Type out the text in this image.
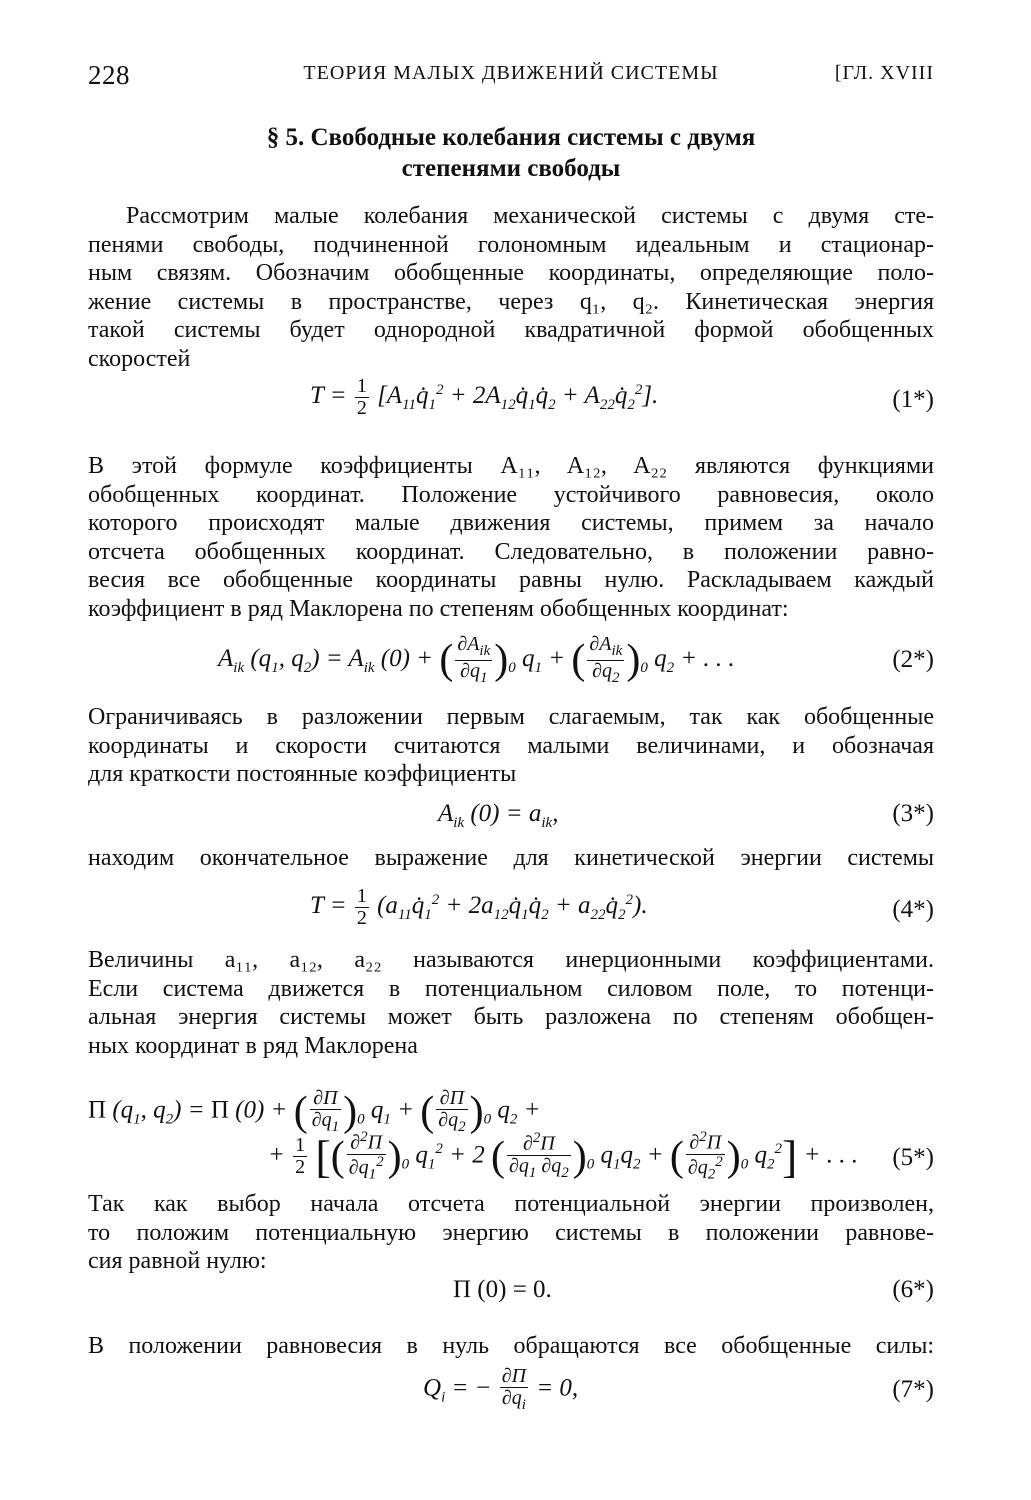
228	ТЕОРИЯ МАЛЫХ ДВИЖЕНИЙ СИСТЕМЫ	[ГЛ. XVIII
§ 5. Свободные колебания системы с двумя
степенями свободы
Рассмотрим малые колебания механической системы с двумя сте-
пенями свободы, подчиненной голономным идеальным и стационар-
ным связям. Обозначим обобщенные координаты, определяющие поло-
жение системы в пространстве, через q₁, q₂. Кинетическая энергия
такой системы будет однородной квадратичной формой обобщенных
скоростей
$T = \frac{1}{2}$ [$A_{11}q̇_1^2$ + $2A_{12}q̇_1q̇_2$ + $A_{22}q̇_2^2$].	(1*)
В этой формуле коэффициенты A₁₁, A₁₂, A₂₂ являются функциями
обобщенных координат. Положение устойчивого равновесия, около
которого происходят малые движения системы, примем за начало
отсчета обобщенных координат. Следовательно, в положении равно-
весия все обобщенные координаты равны нулю. Раскладываем каждый
коэффициент в ряд Маклорена по степеням обобщенных координат:
$A_{ik}$ ($q_1$, $q_2) = A_{ik}$ (0) + ( $\frac{\partial A_{ik}}{\partial q_1} )_0$ $q_1$ + ( $\frac{\partial A_{ik}}{\partial q_2} )_0$ $q_2$ + . . .	(2*)
Ограничиваясь в разложении первым слагаемым, так как обобщенные
координаты и скорости считаются малыми величинами, и обозначая
для краткости постоянные коэффициенты
$A_{ik}$ $(0) = a_{ik}$,	(3*)
находим окончательное выражение для кинетической энергии системы
$T = \frac{1}{2}$ ($a_{11}q̇_1^2$ + $2a_{12}q̇_1q̇_2$ + $a_{22}q̇_2^2$).	(4*)
Величины a₁₁, a₁₂, a₂₂ называются инерционными коэффициентами.
Если система движется в потенциальном силовом поле, то потенци-
альная энергия системы может быть разложена по степеням обобщен-
ных координат в ряд Маклорена
Π ($q_1$, $q_2) = \Pi$ (0) + ( $\frac{\partial\Pi}{\partial q_1} )_0$ $q_1$ + ( $\frac{\partial\Pi}{\partial q_2} )_0$ $q_2$ +
+ $\frac{1}{2}$ [( $\frac{\partial^2\Pi}{\partial q_1^2} )_0$ $q_1^2 + 2$ ( $\frac{\partial^2\Pi}{\partial q_1 \partial q_2} )_0$ $q_1q_2$ + ( $\frac{\partial^2\Pi}{\partial q_2^2} )_0$ $q_2^2$] + . . . (5*)
Так как выбор начала отсчета потенциальной энергии произволен,
то положим потенциальную энергию системы в положении равнове-
сия равной нулю:
Π (0) = 0.	(6*)
В положении равновесия в нуль обращаются все обобщенные силы:
$Q_i$ = − $\frac{\partial\Pi}{\partial q_i} = 0$,	(7*)
